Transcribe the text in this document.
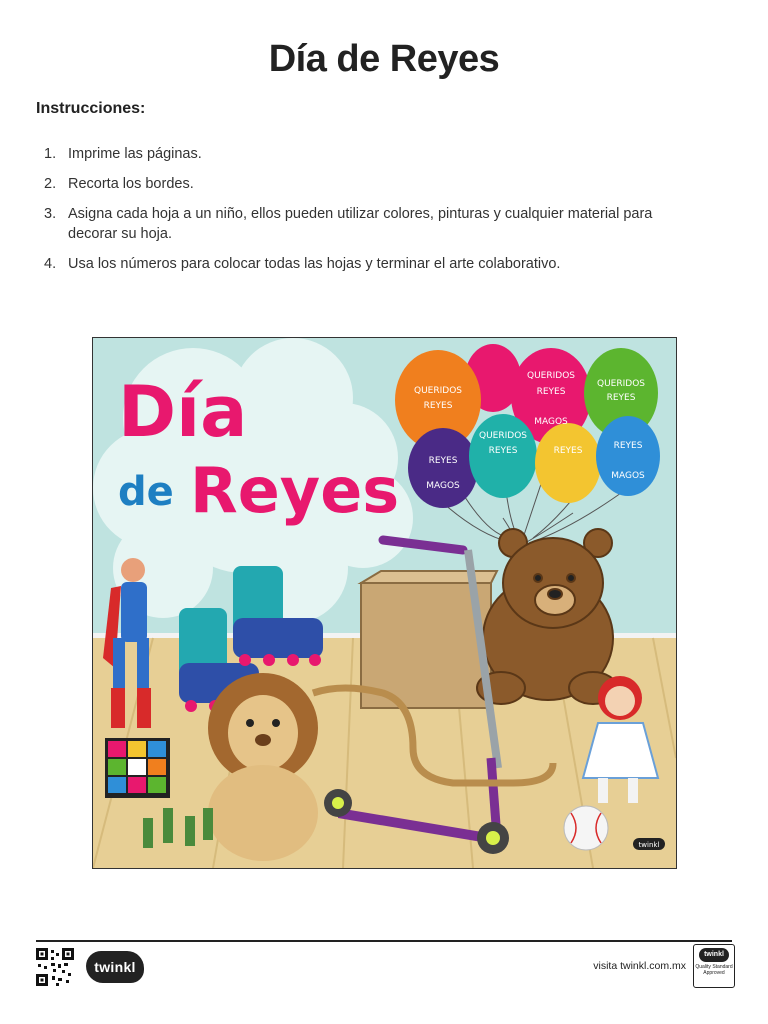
Día de Reyes
Instrucciones:
1. Imprime las páginas.
2. Recorta los bordes.
3. Asigna cada hoja a un niño, ellos pueden utilizar colores, pinturas y cualquier material para decorar su hoja.
4. Usa los números para colocar todas las hojas y terminar el arte colaborativo.
Día
de Reyes
QUERIDOS
REYES
QUERIDOS
REYES
MAGOS
QUERIDOS
REYES
REYES
MAGOS
QUERIDOS
REYES	REYES	REYES
MAGOS
twinkl
twinkl	visita twinkl.com.mx
twinkl
Quality Standard Approved
